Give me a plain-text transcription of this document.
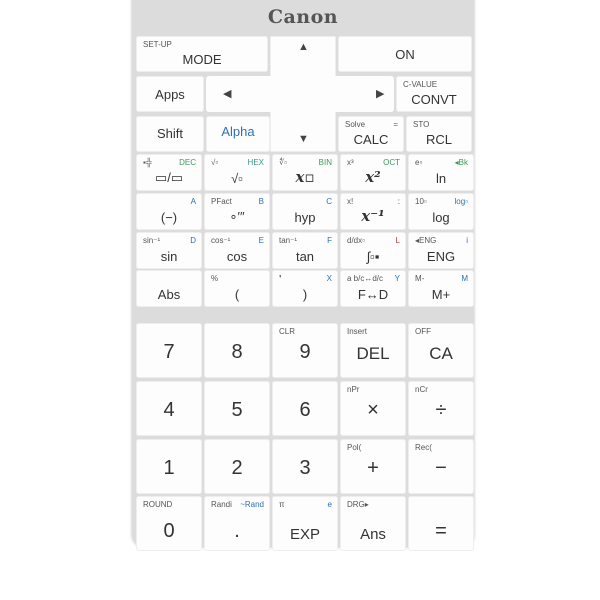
Canon
SET-UP
MODE	ON
Apps
C-VALUE
CONVT
Shift	Alpha	Solve	=
CALC
STO
RCL
▲
◀	▶
▼
▪╬	DEC
▭/▭
√▫	HEX
√▫
∜▫	BIN
x▫
x³	OCT
x²
e▫	◂Bk
ln
A
(−)
PFact	B
∘′″
C
hyp
x!	:
x⁻¹
10▫	log▫
log
sin⁻¹	D
sin
cos⁻¹	E
cos
tan⁻¹	F
tan
d/dx▫	L
∫▫▪
◂ENG	i
ENG
Abs
%
(
❜	X
)
a b/c↔d/c Y
F↔D
M-	M
M+
7	8
CLR
9
Insert
DEL
OFF
CA
4	5	6
nPr
×
nCr
÷
1	2	3
Pol(
+
Rec(
−
ROUND
0
Randi ~Rand
.
π	e
EXP
DRG▸
Ans	=
